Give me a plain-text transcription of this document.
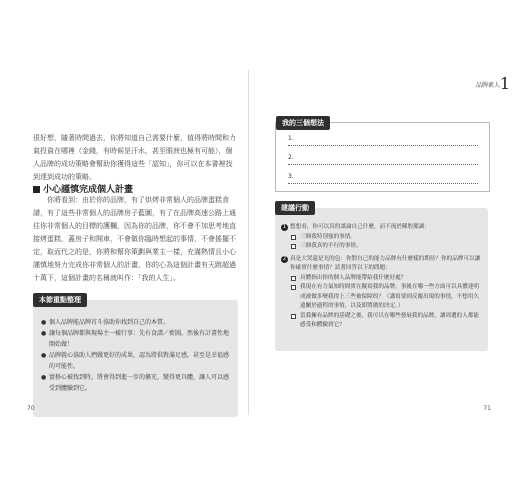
很好想，隨著時間過去，你將知道自己需要什麼，值得將時間和力氣投資在哪裡（金錢，有時候是汗水，甚至眼淚也極有可能），個人品牌的成功策略會幫助你獲得這些「認知」，你可以在本書裡找到達到成功的策略。
小心謹慎完成個人計畫
你將看到：由於你的品牌，有了烘烤非常個人的品牌蛋糕食譜，有了這些非常個人的品牌房子藍圖，有了在品牌高速公路上通往你非常個人的目標的護欄，因為你的品牌，你不會不加思考地直接烤蛋糕，蓋房子和開車，不會做你臨時想起的事情，不會搖擺不定，取而代之的是，你將和幫你策劃與業主一樣，充滿熱情且小心謹慎地努力完成你非常個人的計畫，你的心為這個計畫有天跳超過十萬下，這個計畫的名稱就叫作：「我的人生」。
本節重點整理
● 個人品牌能品牌首斗協助你找到自己的本質。
● 讓每個品牌都與現場主一樣行事：先有食譜／藍圖，然後有計畫性地開始做！
● 品牌就心協助人們做更好的成果，認為將供對滿足感，甚至是幸福感的可能性。
● 富格心被找到時，將會得到進一步的擴充，變得更具體，讓人可以感受到體驗到它。
70
我的三個想法
1.
2.
3.
建議行動
1 想想看，你可以真的談論自己什麼，而不流於陳腔濫調：
三個我特別強的事情。
三個我真的不行的事情。
2 真是大哭還是光的包：你對自己的能力品牌有什麼樣的期待？你的品牌可以讓你確實什麼事情？試著回答以下的問題：
具體指出你的個人品牌能帶給我什麼好處？
我現在有力氣知時間實在擬寫我的品牌，事後在哪一些方面可以具體達明成被做多變我得上三些被保障的？（講寫要到反覆出現的事情，不想用久遠關於過程的事情，以及即將做的決定。）
當我擁有品牌的基礎之後，我可以在哪些發展我的品牌，讓周遭的人都能感受和體驗到它？
71
品牌素人 1
